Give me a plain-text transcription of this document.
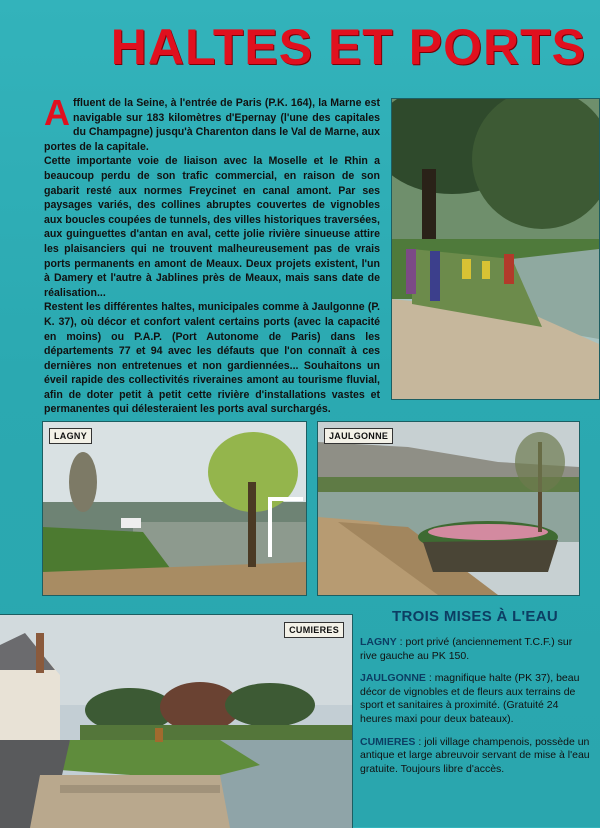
HALTES ET PORTS

Affluent de la Seine, à l'entrée de Paris (P.K. 164), la Marne est navigable sur 183 kilomètres d'Epernay (l'une des capitales du Champagne) jusqu'à Charenton dans le Val de Marne, aux portes de la capitale.

Cette importante voie de liaison avec la Moselle et le Rhin a beaucoup perdu de son trafic commercial, en raison de son gabarit resté aux normes Freycinet en canal amont. Par ses paysages variés, des collines abruptes couvertes de vignobles aux boucles coupées de tunnels, des villes historiques traversées, aux guinguettes d'antan en aval, cette jolie rivière sinueuse attire les plaisanciers qui ne trouvent malheureusement pas de vrais ports permanents en amont de Meaux. Deux projets existent, l'un à Damery et l'autre à Jablines près de Meaux, mais sans date de réalisation...

Restent les différentes haltes, municipales comme à Jaulgonne (P. K. 37), où décor et confort valent certains ports (avec la capacité en moins) ou P.A.P. (Port Autonome de Paris) dans les départements 77 et 94 avec les défauts que l'on connaît à ces dernières non entretenues et non gardiennées... Souhaitons un éveil rapide des collectivités riveraines amont au tourisme fluvial, afin de doter petit à petit cette rivière d'installations vastes et permanentes qui délesteraient les ports aval surchargés.

LAGNY	JAULGONNE
CUMIERES
TROIS MISES À L'EAU

LAGNY : port privé (anciennement T.C.F.) sur rive gauche au PK 150.

JAULGONNE : magnifique halte (PK 37), beau décor de vignobles et de fleurs aux terrains de sport et sanitaires à proximité. (Gratuité 24 heures maxi pour deux bateaux).

CUMIERES : joli village champenois, possède un antique et large abreuvoir servant de mise à l'eau gratuite. Toujours libre d'accès.
